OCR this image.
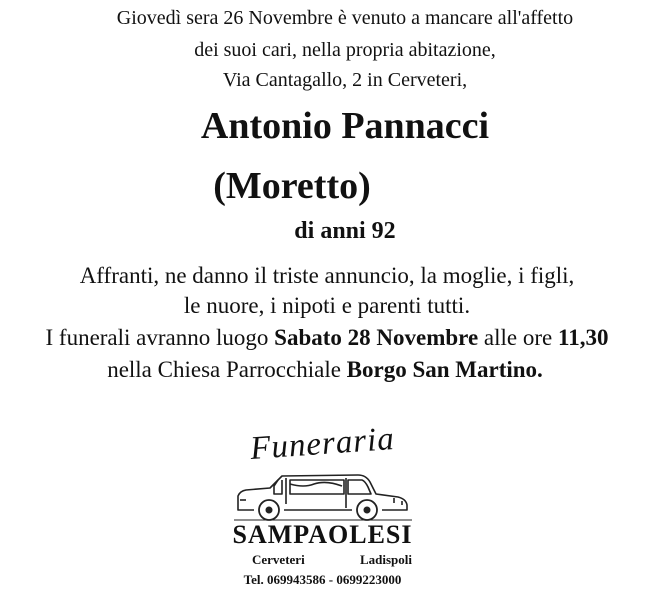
Giovedì sera 26 Novembre è venuto a mancare all'affetto

dei suoi cari, nella propria abitazione,

Via Cantagallo, 2 in Cerveteri,

Antonio Pannacci

(Moretto)

di anni 92

Affranti, ne danno il triste annuncio, la moglie, i figli,

le nuore, i nipoti e parenti tutti.

I funerali avranno luogo Sabato 28 Novembre alle ore 11,30

nella Chiesa Parrocchiale Borgo San Martino.

Funeraria
SAMPAOLESI
Cerveteri	Ladispoli
Tel. 069943586 - 0699223000
